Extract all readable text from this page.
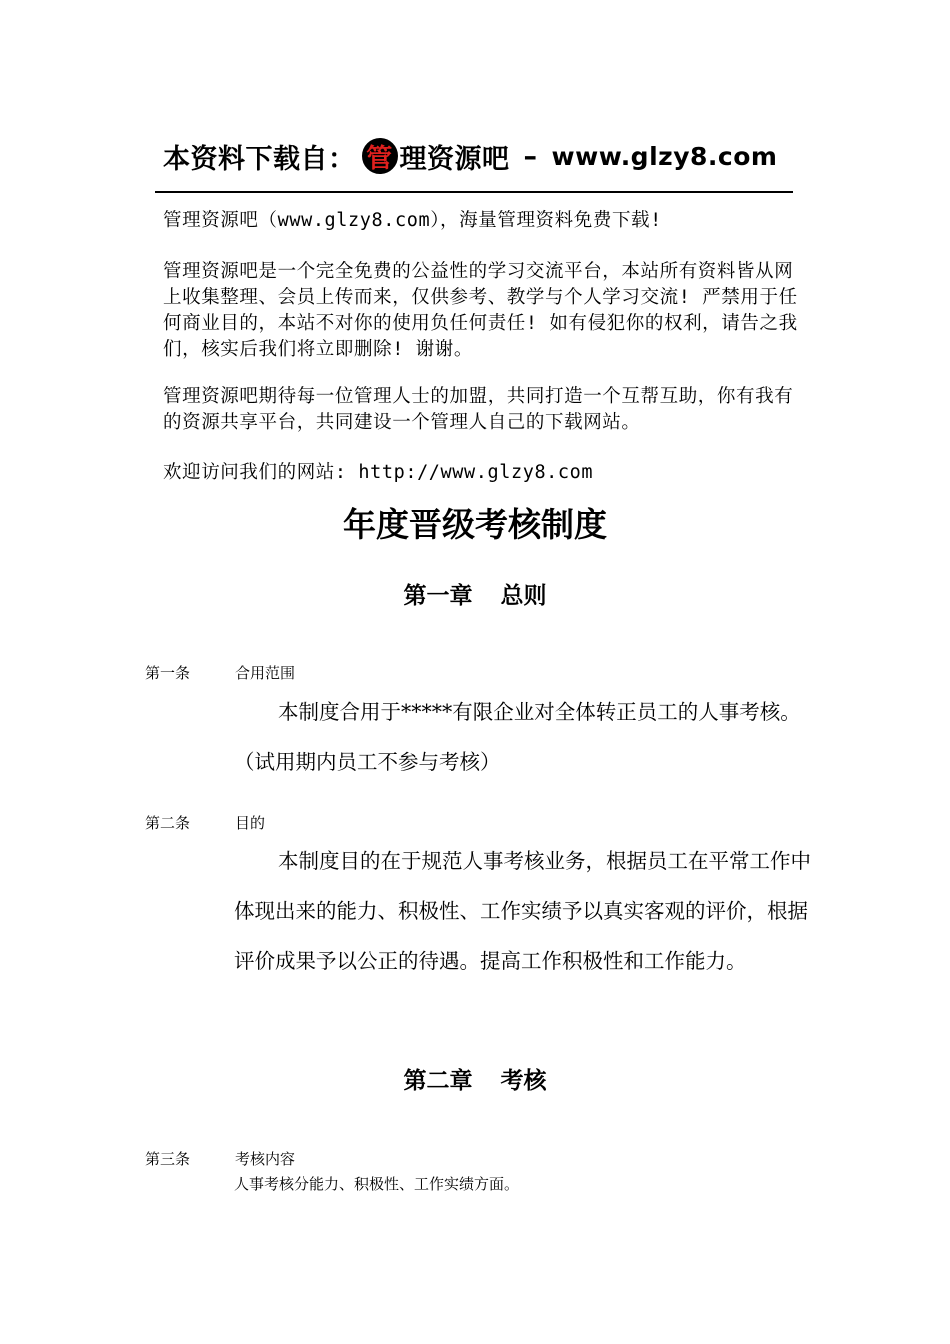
本资料下载自： 管 理资源吧 – www.glzy8.com
管理资源吧（www.glzy8.com），海量管理资料免费下载!
管理资源吧是一个完全免费的公益性的学习交流平台，本站所有资料皆从网上收集整理、会员上传而来，仅供参考、教学与个人学习交流! 严禁用于任何商业目的，本站不对你的使用负任何责任! 如有侵犯你的权利，请告之我们，核实后我们将立即删除! 谢谢。
管理资源吧期待每一位管理人士的加盟，共同打造一个互帮互助，你有我有的资源共享平台，共同建设一个管理人自己的下载网站。
欢迎访问我们的网站: http://www.glzy8.com
年度晋级考核制度
第一章 总则
第一条	合用范围
本制度合用于*****有限企业对全体转正员工的人事考核。（试用期内员工不参与考核）
第二条	目的
本制度目的在于规范人事考核业务，根据员工在平常工作中体现出来的能力、积极性、工作实绩予以真实客观的评价，根据评价成果予以公正的待遇。提高工作积极性和工作能力。
第二章 考核
第三条	考核内容
人事考核分能力、积极性、工作实绩方面。
